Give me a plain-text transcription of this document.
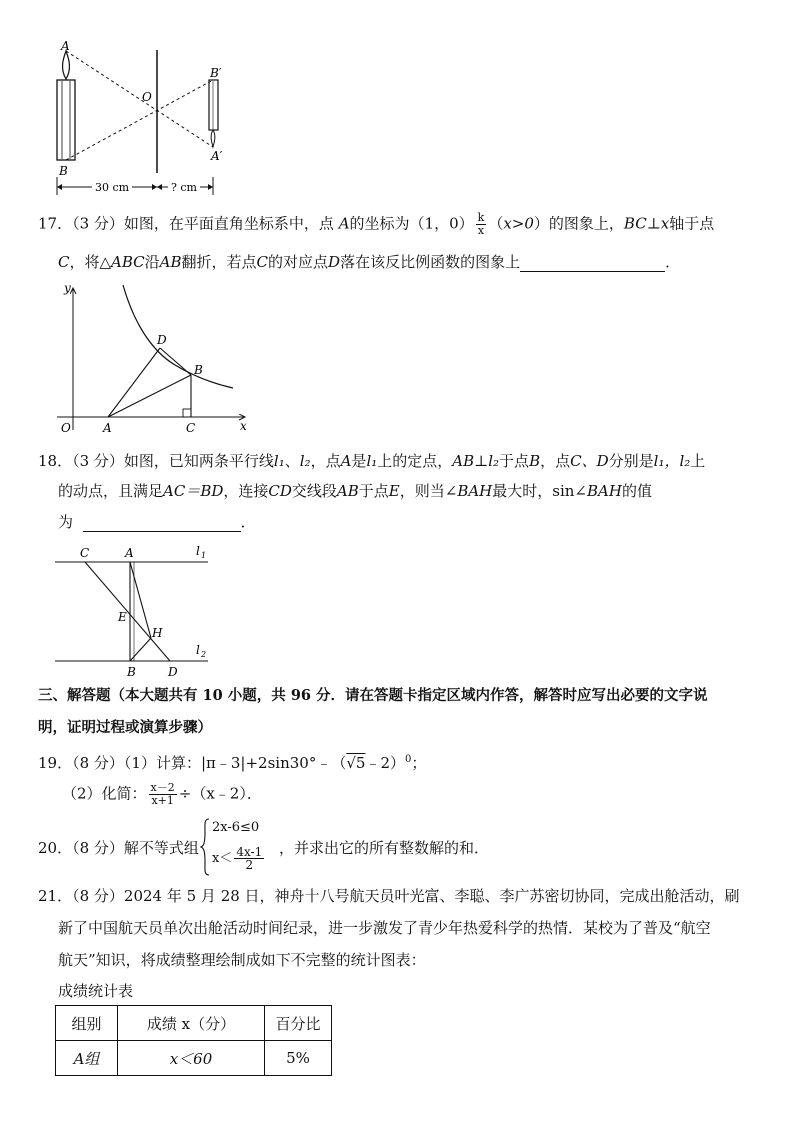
A
B
O
B′
A′
30 cm	? cm
17．（3 分）如图，在平面直角坐标系中，点 A的坐标为（1，$0) \frac{k}{x} (x>0)$的图象上，BC⊥x轴于点
C，将△ABC沿AB翻折，若点C的对应点D落在该反比例函数的图象上	．
y
x
O	A
B
C
D
18．（3 分）如图，已知两条平行线l₁、l₂，点A是l₁上的定点，AB⊥l₂于点B，点C、D分别是l₁，l₂上
的动点，且满足AC＝BD，连接CD交线段AB于点E，则当∠BAH最大时，sin∠BAH的值
为	．
C	A	l 1
E
H
l 2
B	D
三、解答题（本大题共有 10 小题，共 96 分．请在答题卡指定区域内作答，解答时应写出必要的文字说
明，证明过程或演算步骤）
19．（8 分）（1）计算：|π﹣3|+2sin30°﹣（√5﹣2）$^0$；
（2）化简： $\frac{x-2}{x+1}$ ÷（x﹣2）．
20．（8 分）解不等式组
2x-6≤0
$x< \frac{4x-1}{2}$ ，并求出它的所有整数解的和．
21．（8 分）2024 年 5 月 28 日，神舟十八号航天员叶光富、李聪、李广苏密切协同，完成出舱活动，刷
新了中国航天员单次出舱活动时间纪录，进一步激发了青少年热爱科学的热情．某校为了普及“航空
航天”知识，将成绩整理绘制成如下不完整的统计图表：
成绩统计表
组别	成绩 x（分）	百分比
A组	x＜60	5%
